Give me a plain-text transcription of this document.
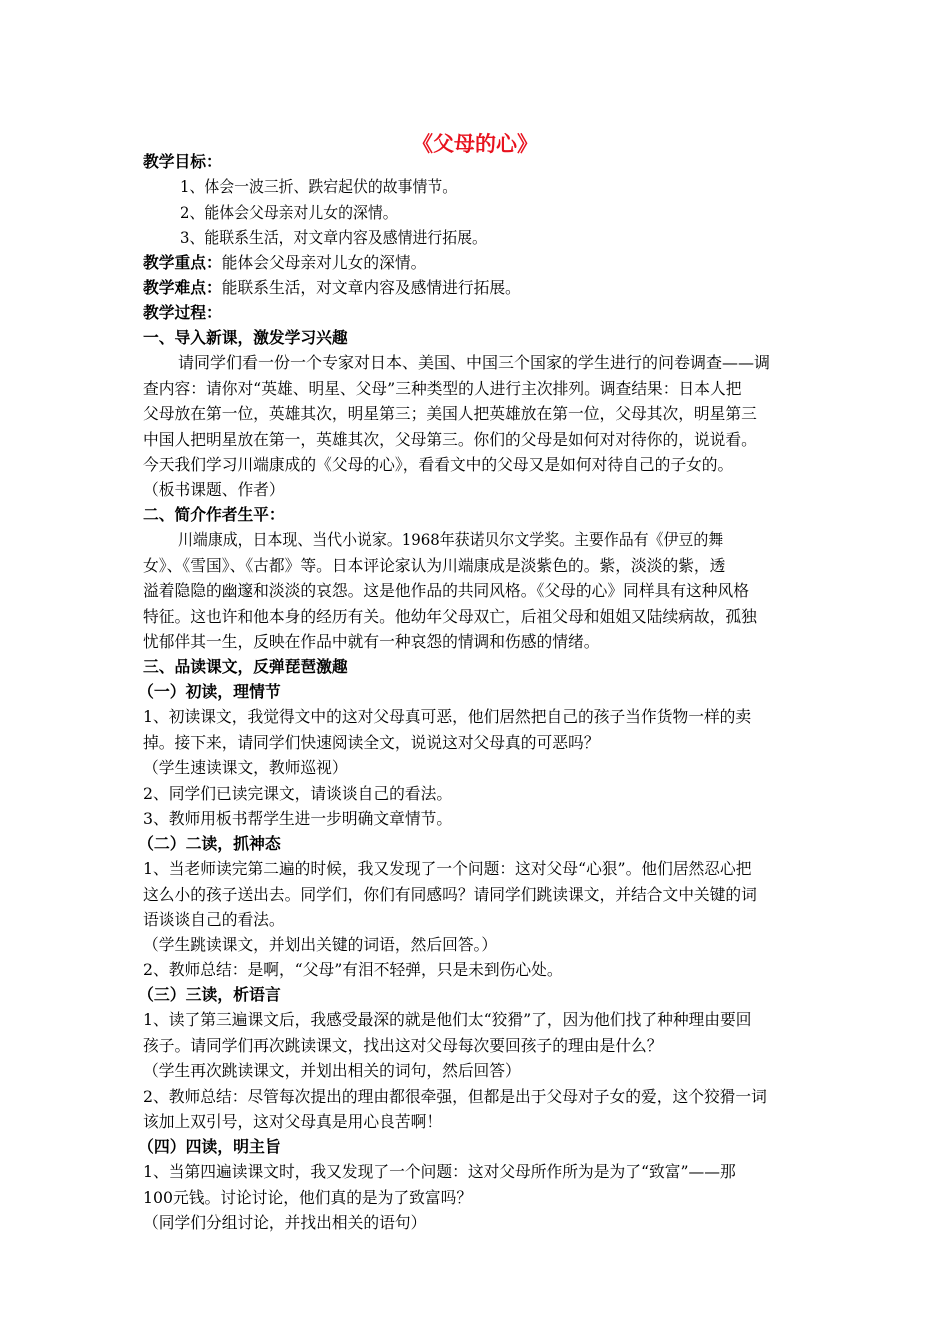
《父母的心》
教学目标：
1、体会一波三折、跌宕起伏的故事情节。
2、能体会父母亲对儿女的深情。
3、能联系生活，对文章内容及感情进行拓展。
教学重点：能体会父母亲对儿女的深情。
教学难点：能联系生活，对文章内容及感情进行拓展。
教学过程：
一、导入新课，激发学习兴趣
请同学们看一份一个专家对日本、美国、中国三个国家的学生进行的问卷调查——调
查内容：请你对“英雄、明星、父母”三种类型的人进行主次排列。调查结果：日本人把
父母放在第一位，英雄其次，明星第三；美国人把英雄放在第一位，父母其次，明星第三
中国人把明星放在第一，英雄其次，父母第三。你们的父母是如何对对待你的，说说看。
今天我们学习川端康成的《父母的心》，看看文中的父母又是如何对待自己的子女的。
（板书课题、作者）
二、简介作者生平：
川端康成，日本现、当代小说家。1968年获诺贝尔文学奖。主要作品有《伊豆的舞
女》、《雪国》、《古都》等。日本评论家认为川端康成是淡紫色的。紫，淡淡的紫，透
溢着隐隐的幽邃和淡淡的哀怨。这是他作品的共同风格。《父母的心》同样具有这种风格
特征。这也许和他本身的经历有关。他幼年父母双亡，后祖父母和姐姐又陆续病故，孤独
忧郁伴其一生，反映在作品中就有一种哀怨的情调和伤感的情绪。
三、品读课文，反弹琵琶激趣
（一）初读，理情节
1、初读课文，我觉得文中的这对父母真可恶，他们居然把自己的孩子当作货物一样的卖
掉。接下来，请同学们快速阅读全文，说说这对父母真的可恶吗？
（学生速读课文，教师巡视）
2、同学们已读完课文，请谈谈自己的看法。
3、教师用板书帮学生进一步明确文章情节。
（二）二读，抓神态
1、当老师读完第二遍的时候，我又发现了一个问题：这对父母“心狠”。他们居然忍心把
这么小的孩子送出去。同学们，你们有同感吗？请同学们跳读课文，并结合文中关键的词
语谈谈自己的看法。
（学生跳读课文，并划出关键的词语，然后回答。）
2、教师总结：是啊，“父母”有泪不轻弹，只是未到伤心处。
（三）三读，析语言
1、读了第三遍课文后，我感受最深的就是他们太“狡猾”了，因为他们找了种种理由要回
孩子。请同学们再次跳读课文，找出这对父母每次要回孩子的理由是什么？
（学生再次跳读课文，并划出相关的词句，然后回答）
2、教师总结：尽管每次提出的理由都很牵强，但都是出于父母对子女的爱，这个狡猾一词
该加上双引号，这对父母真是用心良苦啊！
（四）四读，明主旨
1、当第四遍读课文时，我又发现了一个问题：这对父母所作所为是为了“致富”——那
100元钱。讨论讨论，他们真的是为了致富吗？
（同学们分组讨论，并找出相关的语句）
